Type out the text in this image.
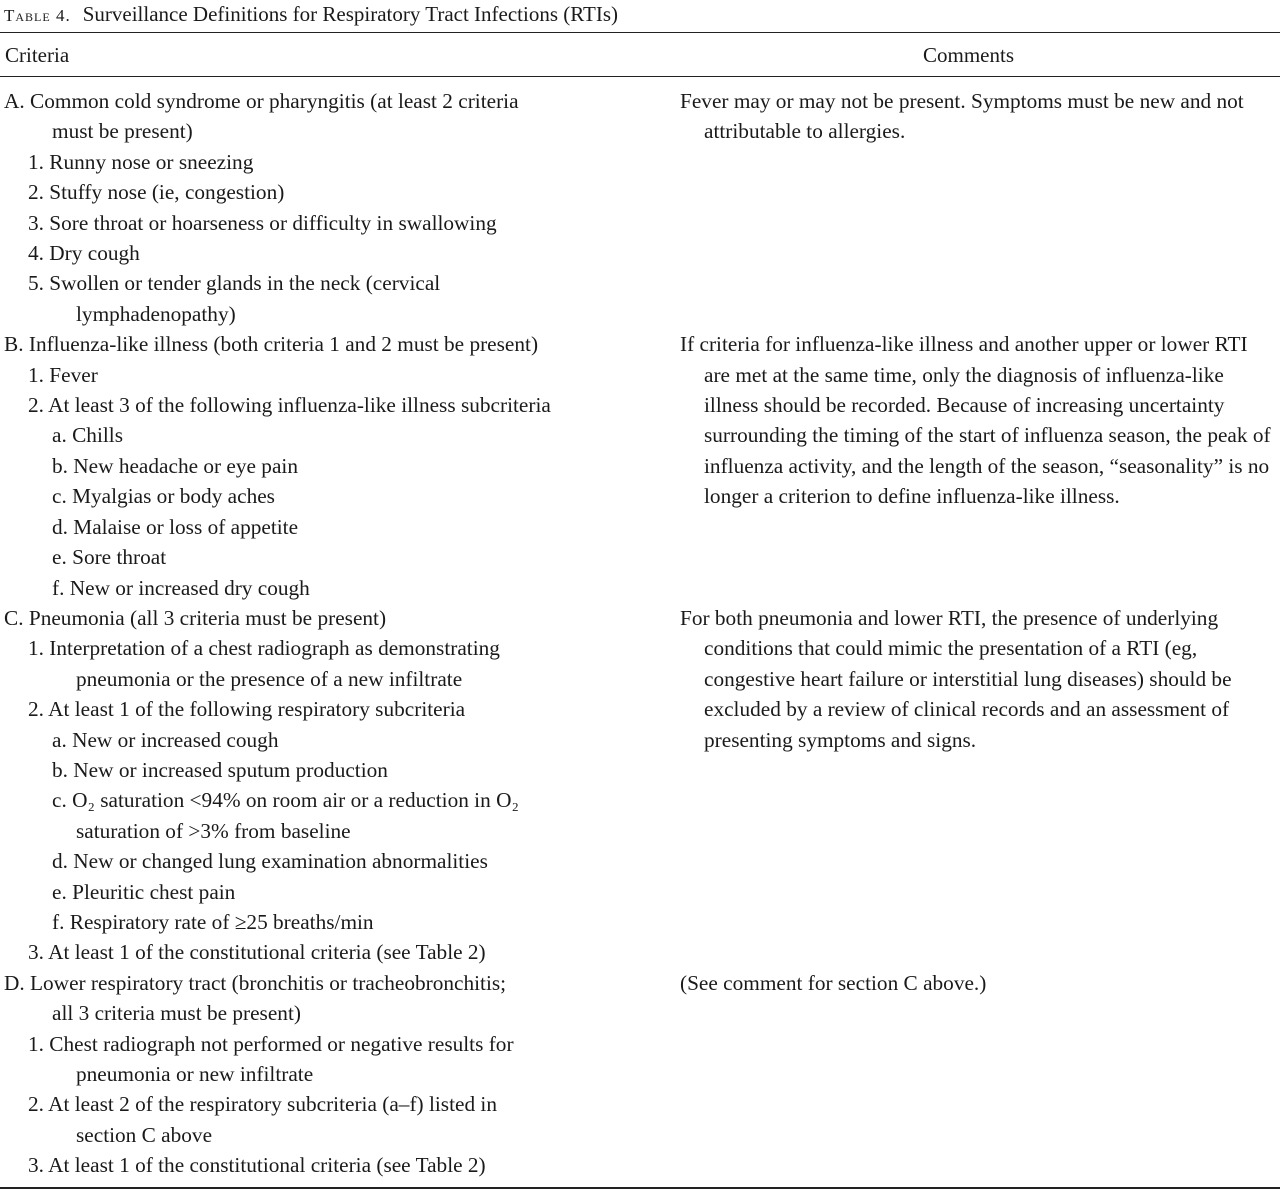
Table 4. Surveillance Definitions for Respiratory Tract Infections (RTIs)
Criteria	Comments
A. Common cold syndrome or pharyngitis (at least 2 criteria
must be present)
1. Runny nose or sneezing
2. Stuffy nose (ie, congestion)
3. Sore throat or hoarseness or difficulty in swallowing
4. Dry cough
5. Swollen or tender glands in the neck (cervical
lymphadenopathy)
Fever may or may not be present. Symptoms must be new and not attributable to allergies.
B. Influenza-like illness (both criteria 1 and 2 must be present)
1. Fever
2. At least 3 of the following influenza-like illness subcriteria
a. Chills
b. New headache or eye pain
c. Myalgias or body aches
d. Malaise or loss of appetite
e. Sore throat
f. New or increased dry cough
If criteria for influenza-like illness and another upper or lower RTI are met at the same time, only the diagnosis of influenza-like illness should be recorded. Because of increasing uncertainty surrounding the timing of the start of influenza season, the peak of influenza activity, and the length of the season, “seasonality” is no longer a criterion to define influenza-like illness.
C. Pneumonia (all 3 criteria must be present)
1. Interpretation of a chest radiograph as demonstrating
pneumonia or the presence of a new infiltrate
2. At least 1 of the following respiratory subcriteria
a. New or increased cough
b. New or increased sputum production
c. O₂ saturation <94% on room air or a reduction in O₂
saturation of >3% from baseline
d. New or changed lung examination abnormalities
e. Pleuritic chest pain
f. Respiratory rate of ≥25 breaths/min
3. At least 1 of the constitutional criteria (see Table 2)
For both pneumonia and lower RTI, the presence of underlying conditions that could mimic the presentation of a RTI (eg, congestive heart failure or interstitial lung diseases) should be excluded by a review of clinical records and an assessment of presenting symptoms and signs.
D. Lower respiratory tract (bronchitis or tracheobronchitis;
all 3 criteria must be present)
1. Chest radiograph not performed or negative results for
pneumonia or new infiltrate
2. At least 2 of the respiratory subcriteria (a–f) listed in
section C above
3. At least 1 of the constitutional criteria (see Table 2)
(See comment for section C above.)
